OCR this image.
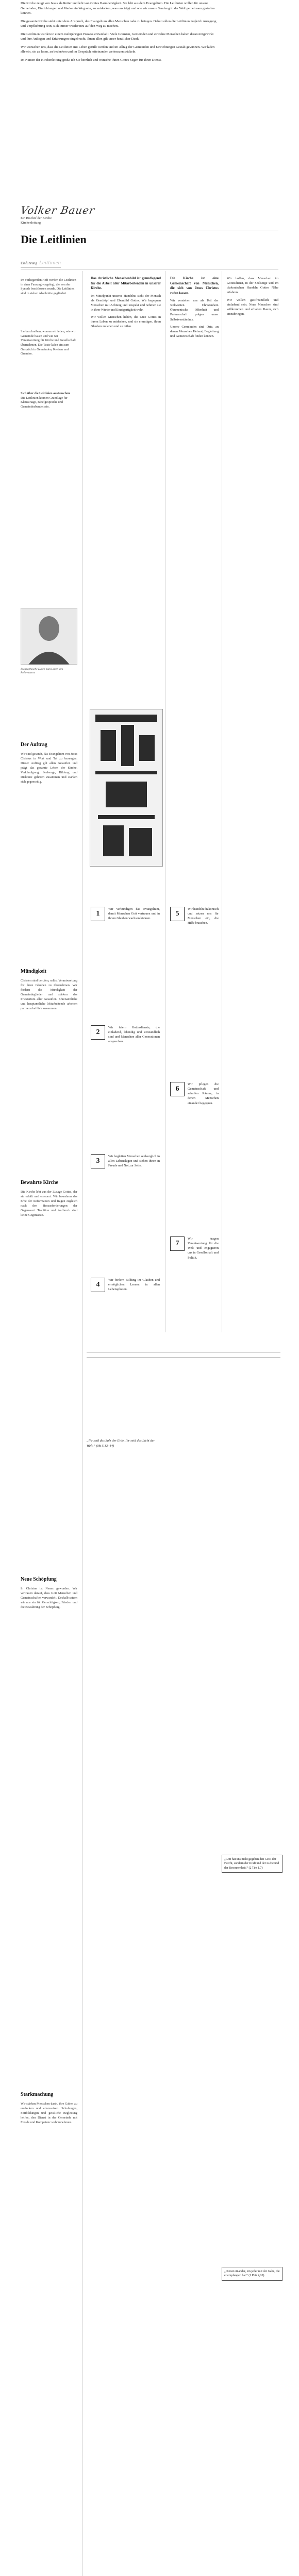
Die Kirche zeugt von Jesus als Retter und lebt von Gottes Barmherzigkeit. Sie lebt aus dem Evangelium. Die Leitlinien wollen für unsere Gemeinden, Einrichtungen und Werke ein Weg sein, zu entdecken, was uns trägt und wie wir unsere Sendung in der Welt gemeinsam gestalten können.

Die gesamte Kirche steht unter dem Anspruch, das Evangelium allen Menschen nahe zu bringen. Daher sollen die Leitlinien zugleich Anregung und Verpflichtung sein, sich immer wieder neu auf den Weg zu machen.

Die Leitlinien wurden in einem mehrjährigen Prozess entwickelt. Viele Gremien, Gemeinden und einzelne Menschen haben daran mitgewirkt und ihre Anliegen und Erfahrungen eingebracht. Ihnen allen gilt unser herzlicher Dank.

Wir wünschen uns, dass die Leitlinien mit Leben gefüllt werden und im Alltag der Gemeinden und Einrichtungen Gestalt gewinnen. Wir laden alle ein, sie zu lesen, zu bedenken und im Gespräch miteinander weiterzuentwickeln.

Im Namen der Kirchenleitung grüße ich Sie herzlich und wünsche Ihnen Gottes Segen für Ihren Dienst.

Volker Bauer
Ein Bischof der Kirche
Kirchenleitung
Die Leitlinien
Einführung Leitlinien
Im vorliegenden Heft werden die Leitlinien in einer Fassung vorgelegt, die von der Synode beschlossen wurde. Die Leitlinien sind in sieben Abschnitte gegliedert.
Sie beschreiben, woraus wir leben, wie wir Gemeinde bauen und wie wir Verantwortung für Kirche und Gesellschaft übernehmen. Die Texte laden ein zum Gespräch in Gemeinden, Kreisen und Gremien.
Sich über die Leitlinien austauschen
Die Leitlinien können Grundlage für Klausurtage, Bibelgespräche und Gemeindeabende sein.

Das christliche Menschenbild ist grundlegend für die Arbeit aller Mitarbeitenden in unserer Kirche.

Im Mittelpunkt unseres Handelns steht der Mensch als Geschöpf und Ebenbild Gottes. Wir begegnen Menschen mit Achtung und Respekt und nehmen sie in ihrer Würde und Einzigartigkeit wahr.

Wir wollen Menschen helfen, die Güte Gottes in ihrem Leben zu entdecken, und sie ermutigen, ihren Glauben zu leben und zu teilen.

Die Kirche ist eine Gemeinschaft von Menschen, die sich von Jesus Christus rufen lassen.

Wir verstehen uns als Teil der weltweiten Christenheit. Ökumenische Offenheit und Partnerschaft prägen unser Selbstverständnis.

Unsere Gemeinden sind Orte, an denen Menschen Heimat, Begleitung und Gemeinschaft finden können.

Wir hoffen, dass Menschen im Gottesdienst, in der Seelsorge und im diakonischen Handeln Gottes Nähe erfahren.

Wir wollen gastfreundlich und einladend sein. Neue Menschen sind willkommen und erhalten Raum, sich einzubringen.

Biographische Daten zum Leben des Reformators
Der Auftrag
Wir sind gesandt, das Evangelium von Jesus Christus in Wort und Tat zu bezeugen. Dieser Auftrag gilt allen Getauften und prägt das gesamte Leben der Kirche. Verkündigung, Seelsorge, Bildung und Diakonie gehören zusammen und stärken sich gegenseitig.
Mündigkeit
Christen sind berufen, selbst Verantwortung für ihren Glauben zu übernehmen. Wir fördern die Mündigkeit der Gemeindeglieder und stärken das Priestertum aller Getauften. Ehrenamtliche und hauptamtliche Mitarbeitende arbeiten partnerschaftlich zusammen.
Bewahrte Kirche
Die Kirche lebt aus der Zusage Gottes, der sie erhält und erneuert. Wir bewahren das Erbe der Reformation und fragen zugleich nach den Herausforderungen der Gegenwart. Tradition und Aufbruch sind keine Gegensätze.
1
Wir verkündigen das Evangelium, damit Menschen Gott vertrauen und in ihrem Glauben wachsen können.
2
Wir feiern Gottesdienste, die einladend, lebendig und verständlich sind und Menschen aller Generationen ansprechen.
3
Wir begleiten Menschen seelsorglich in allen Lebenslagen und stehen ihnen in Freude und Not zur Seite.
4
Wir fördern Bildung im Glauben und ermöglichen Lernen in allen Lebensphasen.
5
Wir handeln diakonisch und setzen uns für Menschen ein, die Hilfe brauchen.
6
Wir pflegen die Gemeinschaft und schaffen Räume, in denen Menschen einander begegnen.
7
Wir tragen Verantwortung für die Welt und engagieren uns in Gesellschaft und Politik.
„Ihr seid das Salz der Erde. Ihr seid das Licht der Welt.“ (Mt 5,13–14)
Neue Schöpfung
In Christus ist Neues geworden. Wir vertrauen darauf, dass Gott Menschen und Gemeinschaften verwandelt. Deshalb setzen wir uns ein für Gerechtigkeit, Frieden und die Bewahrung der Schöpfung.
„Gott hat uns nicht gegeben den Geist der Furcht, sondern der Kraft und der Liebe und der Besonnenheit.“ (2 Tim 1,7)
Starkmachung
Wir stärken Menschen darin, ihre Gaben zu entdecken und einzusetzen. Schulungen, Fortbildungen und geistliche Begleitung helfen, den Dienst in der Gemeinde mit Freude und Kompetenz wahrzunehmen.
„Dienet einander, ein jeder mit der Gabe, die er empfangen hat.“ (1 Petr 4,10)
